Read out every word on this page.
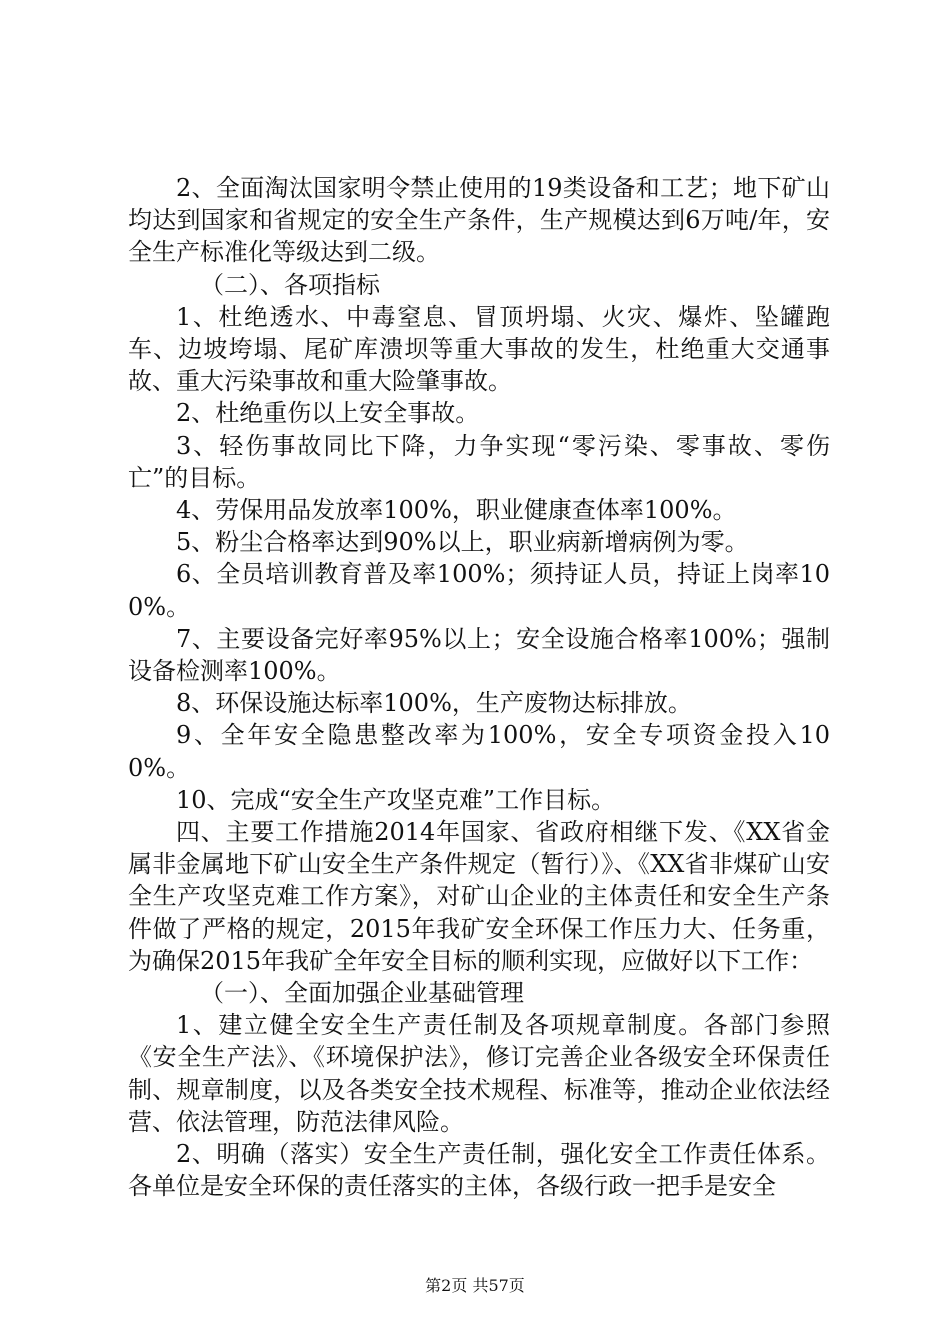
2、全面淘汰国家明令禁止使用的19类设备和工艺；地下矿山均达到国家和省规定的安全生产条件，生产规模达到6万吨/年，安全生产标准化等级达到二级。

（二）、各项指标

1、杜绝透水、中毒窒息、冒顶坍塌、火灾、爆炸、坠罐跑车、边坡垮塌、尾矿库溃坝等重大事故的发生，杜绝重大交通事故、重大污染事故和重大险肇事故。

2、杜绝重伤以上安全事故。

3、轻伤事故同比下降，力争实现“零污染、零事故、零伤亡”的目标。

4、劳保用品发放率100%，职业健康查体率100%。

5、粉尘合格率达到90%以上，职业病新增病例为零。

6、全员培训教育普及率100%；须持证人员，持证上岗率100%。

7、主要设备完好率95%以上；安全设施合格率100%；强制设备检测率100%。

8、环保设施达标率100%，生产废物达标排放。

9、全年安全隐患整改率为100%，安全专项资金投入100%。

10、完成“安全生产攻坚克难”工作目标。

四、主要工作措施2014年国家、省政府相继下发、《XX省金属非金属地下矿山安全生产条件规定（暂行）》、《XX省非煤矿山安全生产攻坚克难工作方案》，对矿山企业的主体责任和安全生产条件做了严格的规定，2015年我矿安全环保工作压力大、任务重，为确保2015年我矿全年安全目标的顺利实现，应做好以下工作：

（一）、全面加强企业基础管理

1、建立健全安全生产责任制及各项规章制度。各部门参照《安全生产法》、《环境保护法》，修订完善企业各级安全环保责任制、规章制度，以及各类安全技术规程、标准等，推动企业依法经营、依法管理，防范法律风险。

2、明确（落实）安全生产责任制，强化安全工作责任体系。各单位是安全环保的责任落实的主体，各级行政一把手是安全

第2页 共57页
